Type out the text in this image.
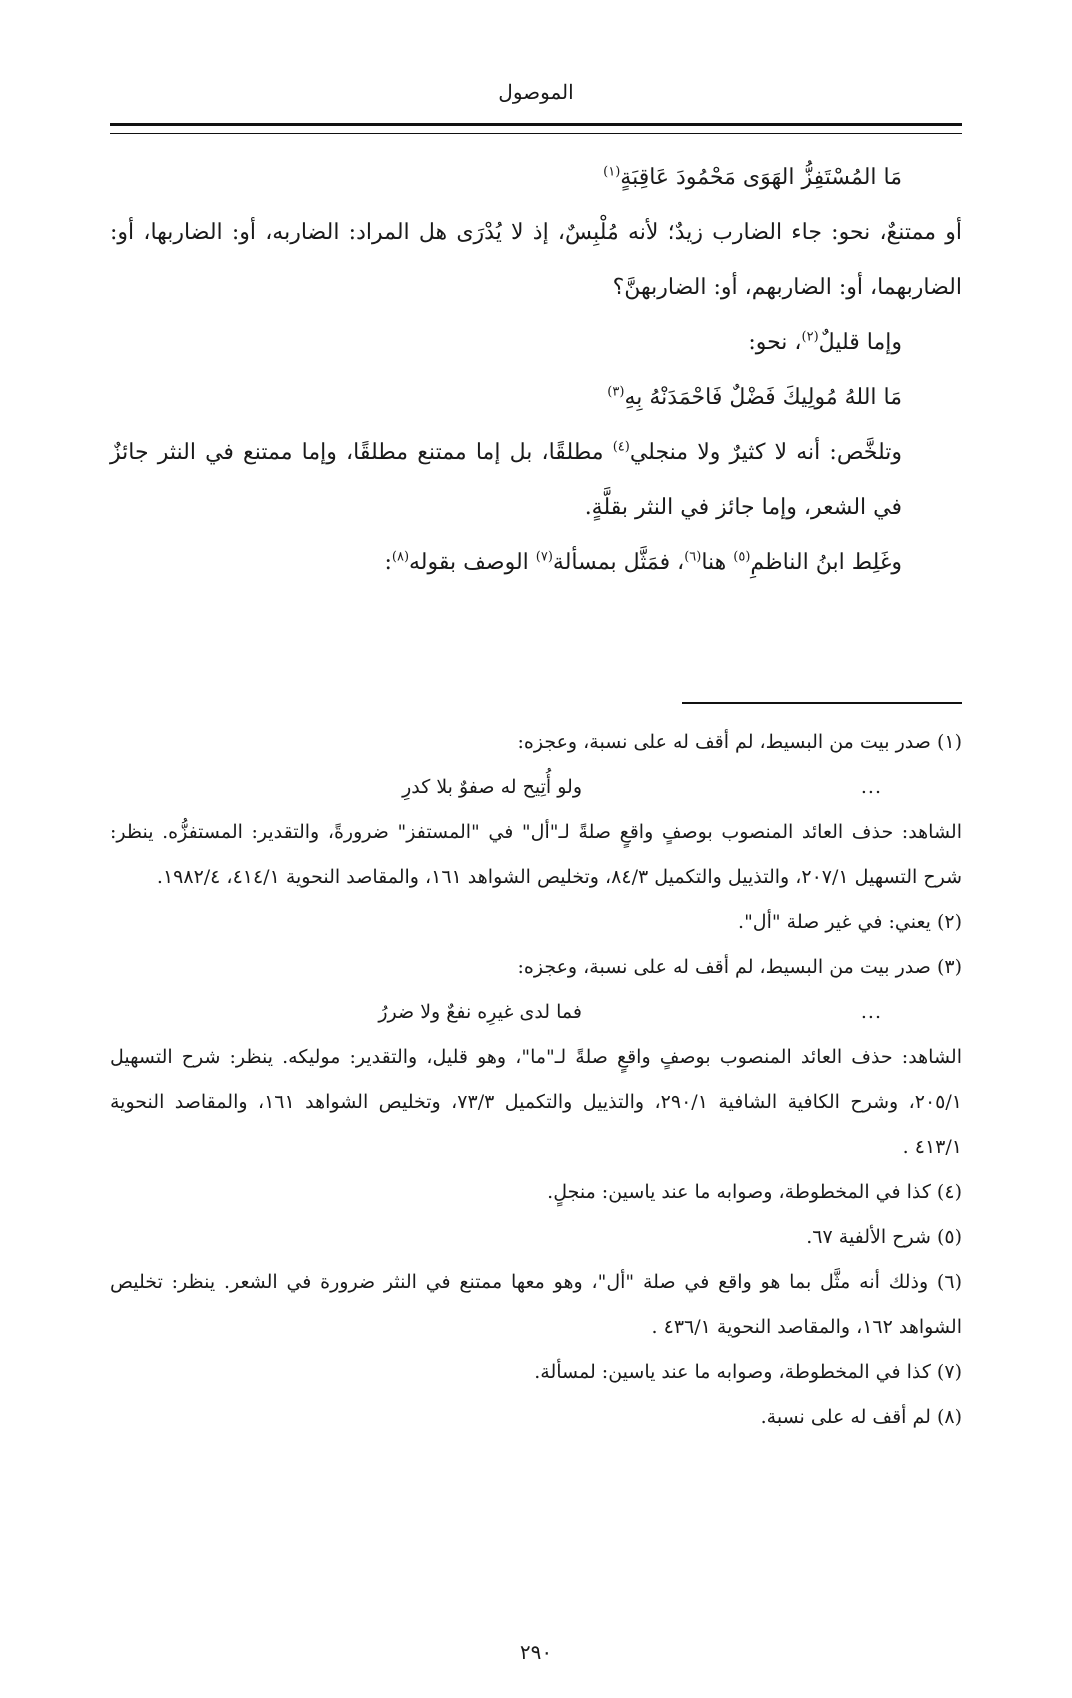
الموصول

مَا المُسْتَفِزُّ الهَوَى مَحْمُودَ عَاقِبَةٍ$^{(١)}$

أو ممتنعٌ، نحو: جاء الضارب زيدٌ؛ لأنه مُلْبِسٌ، إذ لا يُدْرَى هل المراد: الضاربه، أو: الضاربها، أو: الضاربهما، أو: الضاربهم، أو: الضاربهنَّ؟

وإما قليلٌ$^{(٢)}$، نحو:

مَا اللهُ مُولِيكَ فَضْلٌ فَاحْمَدَنْهُ بِهِ$^{(٣)}$

وتلخَّص: أنه لا كثيرٌ ولا منجلي$^{(٤)}$ مطلقًا، بل إما ممتنع مطلقًا، وإما ممتنع في النثر جائزٌ في الشعر، وإما جائز في النثر بقلَّةٍ.

وغَلِط ابنُ الناظمِ$^{(٥)}$ هنا$^{(٦)}$، فمَثَّل بمسألة$^{(٧)}$ الوصف بقوله$^{(٨)}$:

(١) صدر بيت من البسيط، لم أقف له على نسبة، وعجزه:

...
ولو أُتِيح له صفوٌ بلا كدرِ

الشاهد: حذف العائد المنصوب بوصفٍ واقعٍ صلةً لـ"أل" في "المستفز" ضرورةً، والتقدير: المستفزُّه. ينظر: شرح التسهيل ٢٠٧/١، والتذييل والتكميل ٨٤/٣، وتخليص الشواهد ١٦١، والمقاصد النحوية ٤١٤/١، ١٩٨٢/٤.

(٢) يعني: في غير صلة "أل".

(٣) صدر بيت من البسيط، لم أقف له على نسبة، وعجزه:

...
فما لدى غيرِه نفعٌ ولا ضررُ

الشاهد: حذف العائد المنصوب بوصفٍ واقعٍ صلةً لـ"ما"، وهو قليل، والتقدير: موليكه. ينظر: شرح التسهيل ٢٠٥/١، وشرح الكافية الشافية ٢٩٠/١، والتذييل والتكميل ٧٣/٣، وتخليص الشواهد ١٦١، والمقاصد النحوية ٤١٣/١ .

(٤) كذا في المخطوطة، وصوابه ما عند ياسين: منجلٍ.

(٥) شرح الألفية ٦٧.

(٦) وذلك أنه مثَّل بما هو واقع في صلة "أل"، وهو معها ممتنع في النثر ضرورة في الشعر. ينظر: تخليص الشواهد ١٦٢، والمقاصد النحوية ٤٣٦/١ .

(٧) كذا في المخطوطة، وصوابه ما عند ياسين: لمسألة.

(٨) لم أقف له على نسبة.

٢٩٠
